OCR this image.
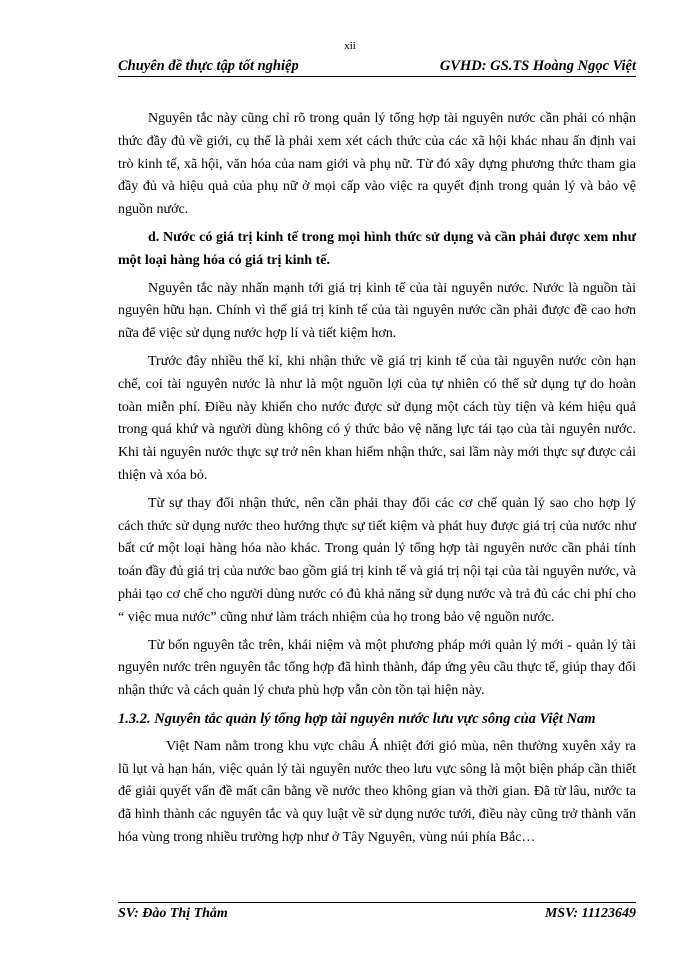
xii
Chuyên đề thực tập tốt nghiệp	GVHD: GS.TS Hoàng Ngọc Việt

Nguyên tắc này cũng chỉ rõ trong quản lý tổng hợp tài nguyên nước cần phải có nhận thức đầy đủ về giới, cụ thể là phải xem xét cách thức của các xã hội khác nhau ấn định vai trò kinh tế, xã hội, văn hóa của nam giới và phụ nữ. Từ đó xây dựng phương thức tham gia đầy đủ và hiệu quả của phụ nữ ở mọi cấp vào việc ra quyết định trong quản lý và bảo vệ nguồn nước.

d. Nước có giá trị kinh tế trong mọi hình thức sử dụng và cần phải được xem như một loại hàng hóa có giá trị kinh tế.

Nguyên tắc này nhấn mạnh tới giá trị kinh tế của tài nguyên nước. Nước là nguồn tài nguyên hữu hạn. Chính vì thế giá trị kinh tế của tài nguyên nước cần phải được đề cao hơn nữa để việc sử dụng nước hợp lí và tiết kiệm hơn.

Trước đây nhiều thế kỉ, khi nhận thức về giá trị kinh tế của tài nguyên nước còn hạn chế, coi tài nguyên nước là như là một nguồn lợi của tự nhiên có thể sử dụng tự do hoàn toàn miễn phí. Điều này khiến cho nước được sử dụng một cách tùy tiện và kém hiệu quả trong quá khứ và người dùng không có ý thức bảo vệ năng lực tái tạo của tài nguyên nước. Khi tài nguyên nước thực sự trở nên khan hiếm nhận thức, sai lầm này mới thực sự được cải thiện và xóa bỏ.

Từ sự thay đổi nhận thức, nên cần phải thay đổi các cơ chế quản lý sao cho hợp lý cách thức sử dụng nước theo hướng thực sự tiết kiệm và phát huy được giá trị của nước như bất cứ một loại hàng hóa nào khác. Trong quản lý tổng hợp tài nguyên nước cần phải tính toán đầy đủ giá trị của nước bao gồm giá trị kinh tế và giá trị nội tại của tài nguyên nước, và phải tạo cơ chế cho người dùng nước có đủ khả năng sử dụng nước và trả đủ các chi phí cho “ việc mua nước” cũng như làm trách nhiệm của họ trong bảo vệ nguồn nước.

Từ bốn nguyên tắc trên, khái niệm và một phương pháp mới quản lý mới - quản lý tài nguyên nước trên nguyên tắc tổng hợp đã hình thành, đáp ứng yêu cầu thực tế, giúp thay đổi nhận thức và cách quản lý chưa phù hợp vẫn còn tồn tại hiện này.

1.3.2. Nguyên tắc quản lý tổng hợp tài nguyên nước lưu vực sông của Việt Nam

Việt Nam nằm trong khu vực châu Á nhiệt đới gió mùa, nên thường xuyên xảy ra lũ lụt và hạn hán, việc quản lý tài nguyên nước theo lưu vực sông là một biện pháp cần thiết để giải quyết vấn đề mất cân bằng về nước theo không gian và thời gian. Đã từ lâu, nước ta đã hình thành các nguyên tắc và quy luật về sử dụng nước tưới, điều này cũng trở thành văn hóa vùng trong nhiều trường hợp như ở Tây Nguyên, vùng núi phía Bắc…

SV: Đào Thị Thắm	MSV: 11123649
